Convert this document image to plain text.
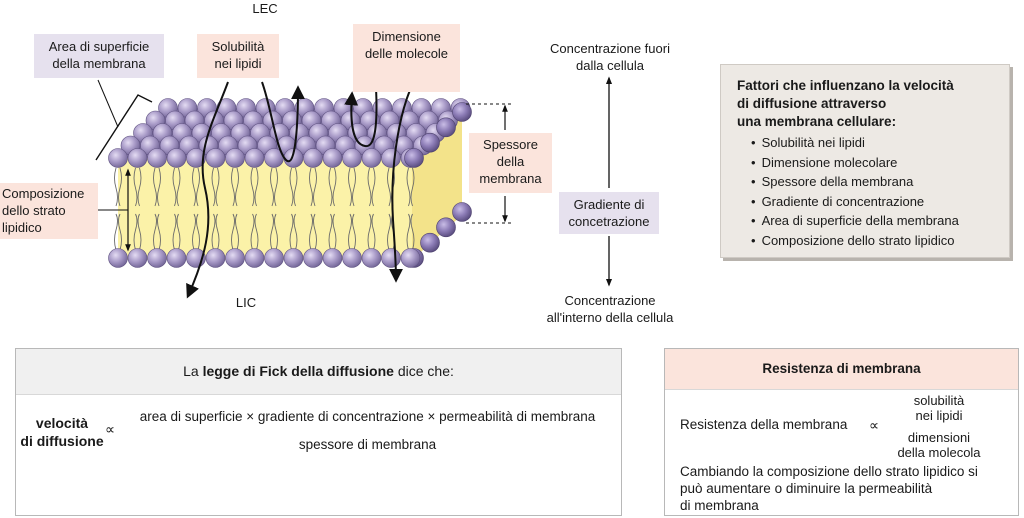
LEC
LIC
Area di superficie
della membrana
Solubilità
nei lipidi
Dimensione
delle molecole
Spessore
della
membrana
Composizione
dello strato
lipidico
Concentrazione fuori
dalla cellula
Gradiente di
concetrazione
Concentrazione
all'interno della cellula
Fattori che influenzano la velocità
di diffusione attraverso
una membrana cellulare:
• Solubilità nei lipidi
• Dimensione molecolare
• Spessore della membrana
• Gradiente di concentrazione
• Area di superficie della membrana
• Composizione dello strato lipidico
La legge di Fick della diffusione dice che:
velocità
di diffusione
∝
area di superficie × gradiente di concentrazione × permeabilità di membrana
spessore di membrana
Resistenza di membrana
Resistenza della membrana	∝
solubilità
nei lipidi
dimensioni
della molecola
Cambiando la composizione dello strato lipidico si
può aumentare o diminuire la permeabilità
di membrana
